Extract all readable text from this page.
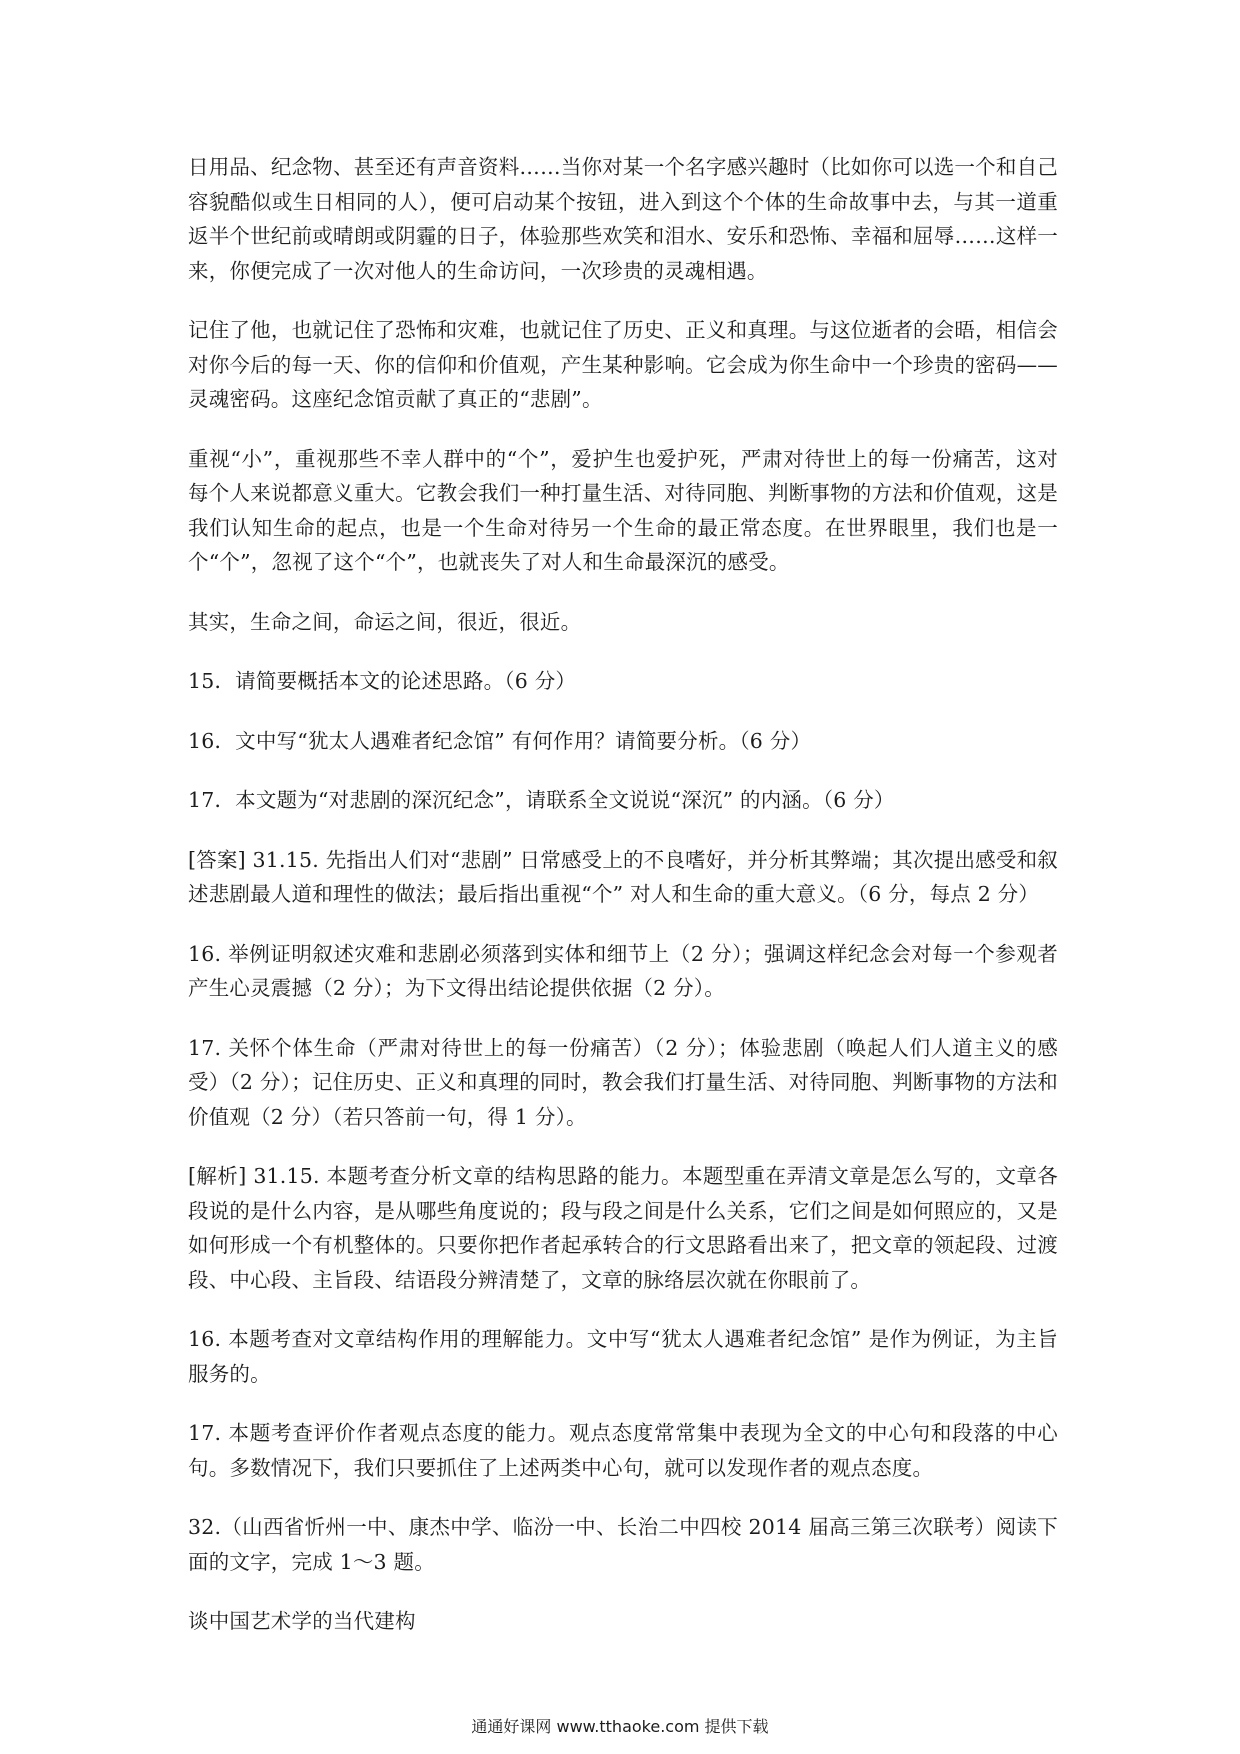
日用品、纪念物、甚至还有声音资料……当你对某一个名字感兴趣时（比如你可以选一个和自己容貌酷似或生日相同的人），便可启动某个按钮，进入到这个个体的生命故事中去，与其一道重返半个世纪前或晴朗或阴霾的日子，体验那些欢笑和泪水、安乐和恐怖、幸福和屈辱……这样一来，你便完成了一次对他人的生命访问，一次珍贵的灵魂相遇。

记住了他，也就记住了恐怖和灾难，也就记住了历史、正义和真理。与这位逝者的会晤，相信会对你今后的每一天、你的信仰和价值观，产生某种影响。它会成为你生命中一个珍贵的密码——灵魂密码。这座纪念馆贡献了真正的“悲剧”。

重视“小”，重视那些不幸人群中的“个”，爱护生也爱护死，严肃对待世上的每一份痛苦，这对每个人来说都意义重大。它教会我们一种打量生活、对待同胞、判断事物的方法和价值观，这是我们认知生命的起点，也是一个生命对待另一个生命的最正常态度。在世界眼里，我们也是一个“个”，忽视了这个“个”，也就丧失了对人和生命最深沉的感受。

其实，生命之间，命运之间，很近，很近。

15．请简要概括本文的论述思路。（6 分）

16．文中写“犹太人遇难者纪念馆” 有何作用？请简要分析。（6 分）

17．本文题为“对悲剧的深沉纪念”，请联系全文说说“深沉” 的内涵。（6 分）

[答案] 31.15. 先指出人们对“悲剧” 日常感受上的不良嗜好，并分析其弊端；其次提出感受和叙述悲剧最人道和理性的做法；最后指出重视“个” 对人和生命的重大意义。（6 分，每点 2 分）

16. 举例证明叙述灾难和悲剧必须落到实体和细节上（2 分）；强调这样纪念会对每一个参观者产生心灵震撼（2 分）；为下文得出结论提供依据（2 分）。

17. 关怀个体生命（严肃对待世上的每一份痛苦）（2 分）；体验悲剧（唤起人们人道主义的感受）（2 分）；记住历史、正义和真理的同时，教会我们打量生活、对待同胞、判断事物的方法和价值观（2 分）（若只答前一句，得 1 分）。

[解析] 31.15. 本题考查分析文章的结构思路的能力。本题型重在弄清文章是怎么写的，文章各段说的是什么内容，是从哪些角度说的；段与段之间是什么关系，它们之间是如何照应的，又是如何形成一个有机整体的。只要你把作者起承转合的行文思路看出来了，把文章的领起段、过渡段、中心段、主旨段、结语段分辨清楚了，文章的脉络层次就在你眼前了。

16. 本题考查对文章结构作用的理解能力。文中写“犹太人遇难者纪念馆” 是作为例证，为主旨服务的。

17. 本题考查评价作者观点态度的能力。观点态度常常集中表现为全文的中心句和段落的中心句。多数情况下，我们只要抓住了上述两类中心句，就可以发现作者的观点态度。

32.（山西省忻州一中、康杰中学、临汾一中、长治二中四校 2014 届高三第三次联考）阅读下面的文字，完成 1～3 题。

谈中国艺术学的当代建构

通通好课网 www.tthaoke.com 提供下载
